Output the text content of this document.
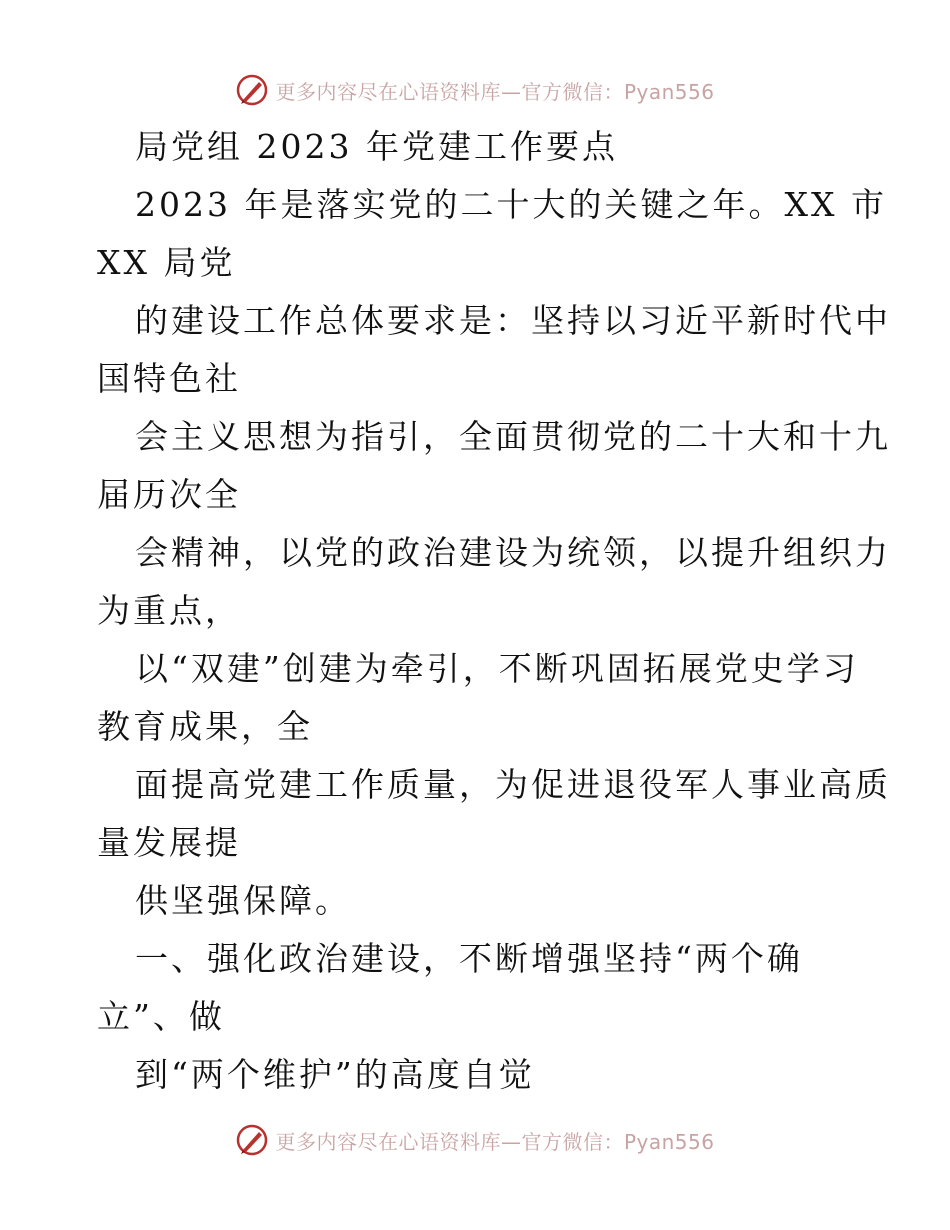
更多内容尽在心语资料库—官方微信：Pyan556
局党组 2023 年党建工作要点
2023 年是落实党的二十大的关键之年。XX 市
XX 局党
的建设工作总体要求是：坚持以习近平新时代中
国特色社
会主义思想为指引，全面贯彻党的二十大和十九
届历次全
会精神，以党的政治建设为统领，以提升组织力
为重点，
以“双建”创建为牵引，不断巩固拓展党史学习
教育成果，全
面提高党建工作质量，为促进退役军人事业高质
量发展提
供坚强保障。
一、强化政治建设，不断增强坚持“两个确
立”、做
到“两个维护”的高度自觉
更多内容尽在心语资料库—官方微信：Pyan556
